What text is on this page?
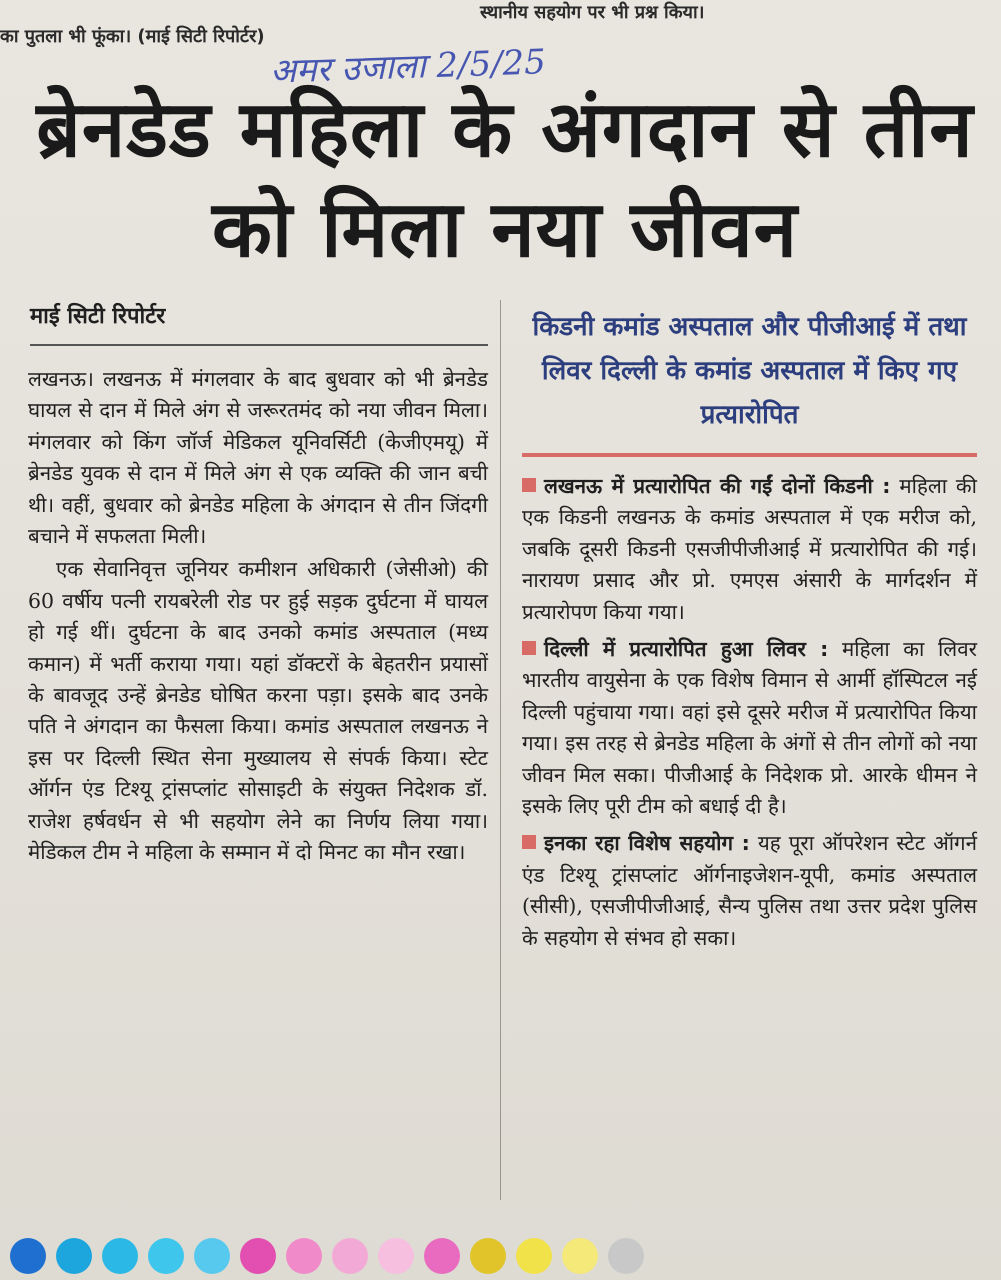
का पुतला भी फूंका। (माई सिटी रिपोर्टर)
स्थानीय सहयोग पर भी प्रश्न किया।
अमर उजाला 2/5/25
ब्रेनडेड महिला के अंगदान से तीन को मिला नया जीवन
माई सिटी रिपोर्टर

लखनऊ। लखनऊ में मंगलवार के बाद बुधवार को भी ब्रेनडेड घायल से दान में मिले अंग से जरूरतमंद को नया जीवन मिला। मंगलवार को किंग जॉर्ज मेडिकल यूनिवर्सिटी (केजीएमयू) में ब्रेनडेड युवक से दान में मिले अंग से एक व्यक्ति की जान बची थी। वहीं, बुधवार को ब्रेनडेड महिला के अंगदान से तीन जिंदगी बचाने में सफलता मिली।

एक सेवानिवृत्त जूनियर कमीशन अधिकारी (जेसीओ) की 60 वर्षीय पत्नी रायबरेली रोड पर हुई सड़क दुर्घटना में घायल हो गई थीं। दुर्घटना के बाद उनको कमांड अस्पताल (मध्य कमान) में भर्ती कराया गया। यहां डॉक्टरों के बेहतरीन प्रयासों के बावजूद उन्हें ब्रेनडेड घोषित करना पड़ा। इसके बाद उनके पति ने अंगदान का फैसला किया। कमांड अस्पताल लखनऊ ने इस पर दिल्ली स्थित सेना मुख्यालय से संपर्क किया। स्टेट ऑर्गन एंड टिश्यू ट्रांसप्लांट सोसाइटी के संयुक्त निदेशक डॉ. राजेश हर्षवर्धन से भी सहयोग लेने का निर्णय लिया गया। मेडिकल टीम ने महिला के सम्मान में दो मिनट का मौन रखा।

किडनी कमांड अस्पताल और पीजीआई में तथा लिवर दिल्ली के कमांड अस्पताल में किए गए प्रत्यारोपित

लखनऊ में प्रत्यारोपित की गईं दोनों किडनी : महिला की एक किडनी लखनऊ के कमांड अस्पताल में एक मरीज को, जबकि दूसरी किडनी एसजीपीजीआई में प्रत्यारोपित की गई। नारायण प्रसाद और प्रो. एमएस अंसारी के मार्गदर्शन में प्रत्यारोपण किया गया।

दिल्ली में प्रत्यारोपित हुआ लिवर : महिला का लिवर भारतीय वायुसेना के एक विशेष विमान से आर्मी हॉस्पिटल नई दिल्ली पहुंचाया गया। वहां इसे दूसरे मरीज में प्रत्यारोपित किया गया। इस तरह से ब्रेनडेड महिला के अंगों से तीन लोगों को नया जीवन मिल सका। पीजीआई के निदेशक प्रो. आरके धीमन ने इसके लिए पूरी टीम को बधाई दी है।

इनका रहा विशेष सहयोग : यह पूरा ऑपरेशन स्टेट ऑगर्न एंड टिश्यू ट्रांसप्लांट ऑर्गनाइजेशन-यूपी, कमांड अस्पताल (सीसी), एसजीपीजीआई, सैन्य पुलिस तथा उत्तर प्रदेश पुलिस के सहयोग से संभव हो सका।
